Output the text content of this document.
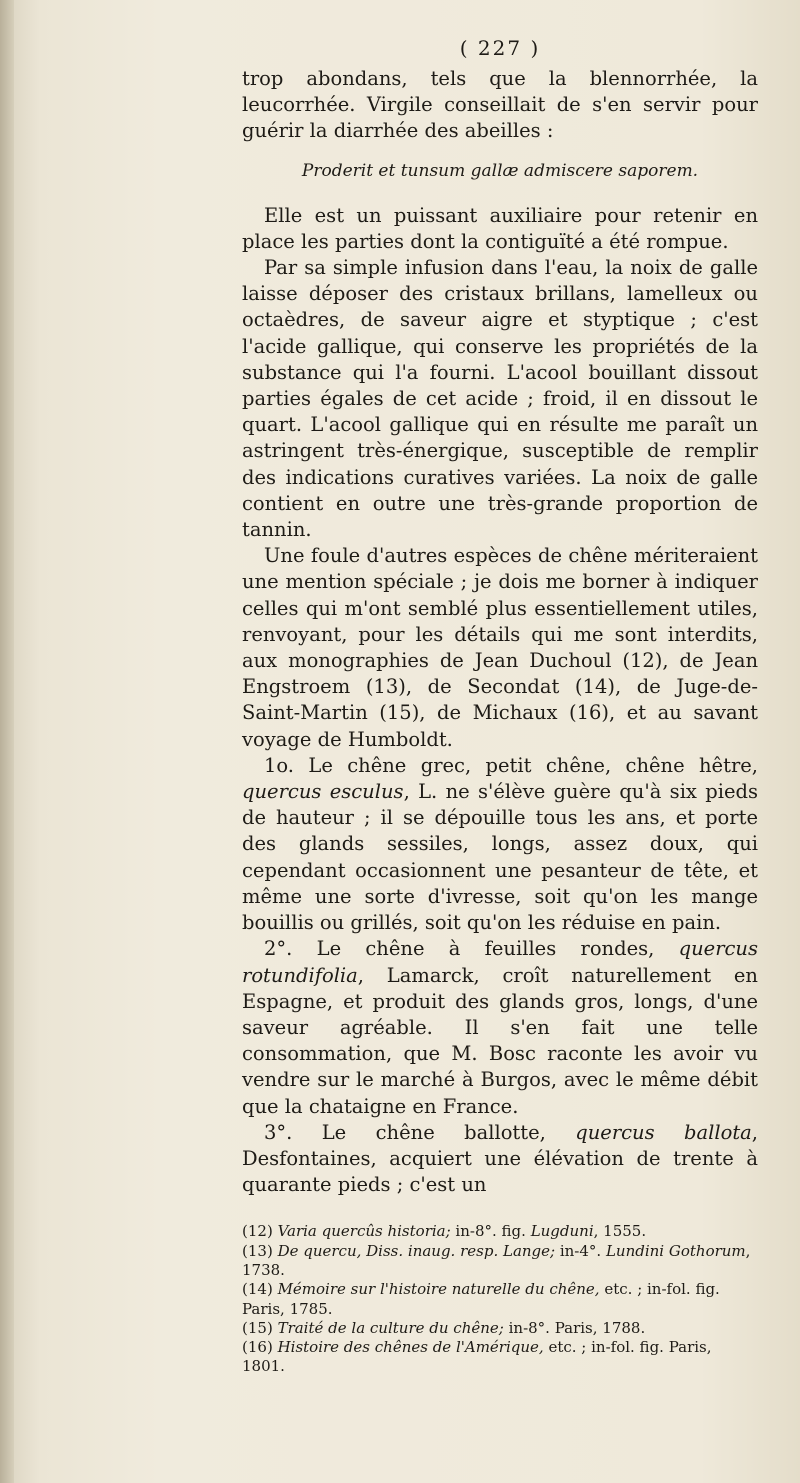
( 227 )

trop abondans, tels que la blennorrhée, la leucorrhée. Virgile conseillait de s'en servir pour guérir la diarrhée des abeilles :

Proderit et tunsum gallæ admiscere saporem.

Elle est un puissant auxiliaire pour retenir en place les parties dont la contiguïté a été rompue.

Par sa simple infusion dans l'eau, la noix de galle laisse déposer des cristaux brillans, lamelleux ou octaèdres, de saveur aigre et styptique ; c'est l'acide gallique, qui conserve les propriétés de la substance qui l'a fourni. L'acool bouillant dissout parties égales de cet acide ; froid, il en dissout le quart. L'acool gallique qui en résulte me paraît un astringent très-énergique, susceptible de remplir des indications curatives variées. La noix de galle contient en outre une très-grande proportion de tannin.

Une foule d'autres espèces de chêne mériteraient une mention spéciale ; je dois me borner à indiquer celles qui m'ont semblé plus essentiellement utiles, renvoyant, pour les détails qui me sont interdits, aux monographies de Jean Duchoul (12), de Jean Engstroem (13), de Secondat (14), de Juge-de-Saint-Martin (15), de Michaux (16), et au savant voyage de Humboldt.

1o. Le chêne grec, petit chêne, chêne hêtre, quercus esculus, L. ne s'élève guère qu'à six pieds de hauteur ; il se dépouille tous les ans, et porte des glands sessiles, longs, assez doux, qui cependant occasionnent une pesanteur de tête, et même une sorte d'ivresse, soit qu'on les mange bouillis ou grillés, soit qu'on les réduise en pain.

2°. Le chêne à feuilles rondes, quercus rotundifolia, Lamarck, croît naturellement en Espagne, et produit des glands gros, longs, d'une saveur agréable. Il s'en fait une telle consommation, que M. Bosc raconte les avoir vu vendre sur le marché à Burgos, avec le même débit que la chataigne en France.

3°. Le chêne ballotte, quercus ballota, Desfontaines, acquiert une élévation de trente à quarante pieds ; c'est un

(12) Varia quercûs historia; in-8°. fig. Lugduni, 1555.

(13) De quercu, Diss. inaug. resp. Lange; in-4°. Lundini Gothorum, 1738.

(14) Mémoire sur l'histoire naturelle du chêne, etc. ; in-fol. fig. Paris, 1785.

(15) Traité de la culture du chêne; in-8°. Paris, 1788.

(16) Histoire des chênes de l'Amérique, etc. ; in-fol. fig. Paris, 1801.
